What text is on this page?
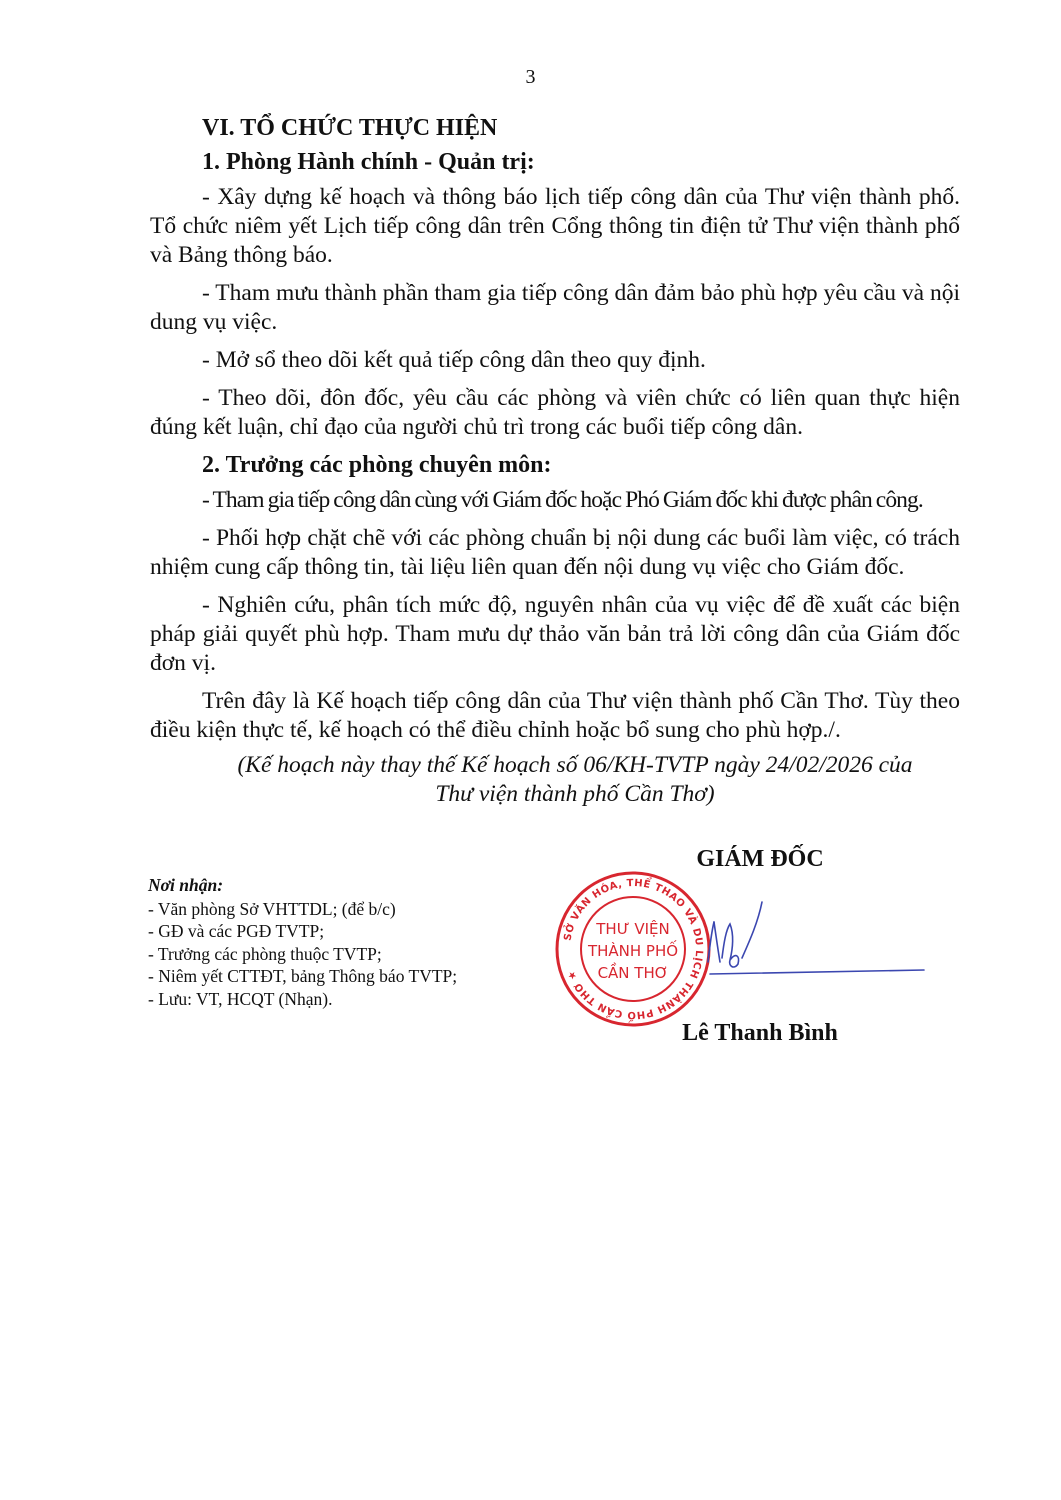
3
VI. TỔ CHỨC THỰC HIỆN
1. Phòng Hành chính - Quản trị:

- Xây dựng kế hoạch và thông báo lịch tiếp công dân của Thư viện thành phố. Tổ chức niêm yết Lịch tiếp công dân trên Cổng thông tin điện tử Thư viện thành phố và Bảng thông báo.

- Tham mưu thành phần tham gia tiếp công dân đảm bảo phù hợp yêu cầu và nội dung vụ việc.

- Mở sổ theo dõi kết quả tiếp công dân theo quy định.

- Theo dõi, đôn đốc, yêu cầu các phòng và viên chức có liên quan thực hiện đúng kết luận, chỉ đạo của người chủ trì trong các buổi tiếp công dân.

2. Trưởng các phòng chuyên môn:

- Tham gia tiếp công dân cùng với Giám đốc hoặc Phó Giám đốc khi được phân công.

- Phối hợp chặt chẽ với các phòng chuẩn bị nội dung các buổi làm việc, có trách nhiệm cung cấp thông tin, tài liệu liên quan đến nội dung vụ việc cho Giám đốc.

- Nghiên cứu, phân tích mức độ, nguyên nhân của vụ việc để đề xuất các biện pháp giải quyết phù hợp. Tham mưu dự thảo văn bản trả lời công dân của Giám đốc đơn vị.

Trên đây là Kế hoạch tiếp công dân của Thư viện thành phố Cần Thơ. Tùy theo điều kiện thực tế, kế hoạch có thể điều chỉnh hoặc bổ sung cho phù hợp./.

(Kế hoạch này thay thế Kế hoạch số 06/KH-TVTP ngày 24/02/2026 của
Thư viện thành phố Cần Thơ)

Nơi nhận:
- Văn phòng Sở VHTTDL; (để b/c)
- GĐ và các PGĐ TVTP;
- Trưởng các phòng thuộc TVTP;
- Niêm yết CTTĐT, bảng Thông báo TVTP;
- Lưu: VT, HCQT (Nhạn).
GIÁM ĐỐC
SỞ VĂN HÓA, THỂ THAO VÀ DU LỊCH THÀNH PHỐ CẦN THƠ ★
THƯ VIỆN
THÀNH PHỐ
CẦN THƠ
Lê Thanh Bình
